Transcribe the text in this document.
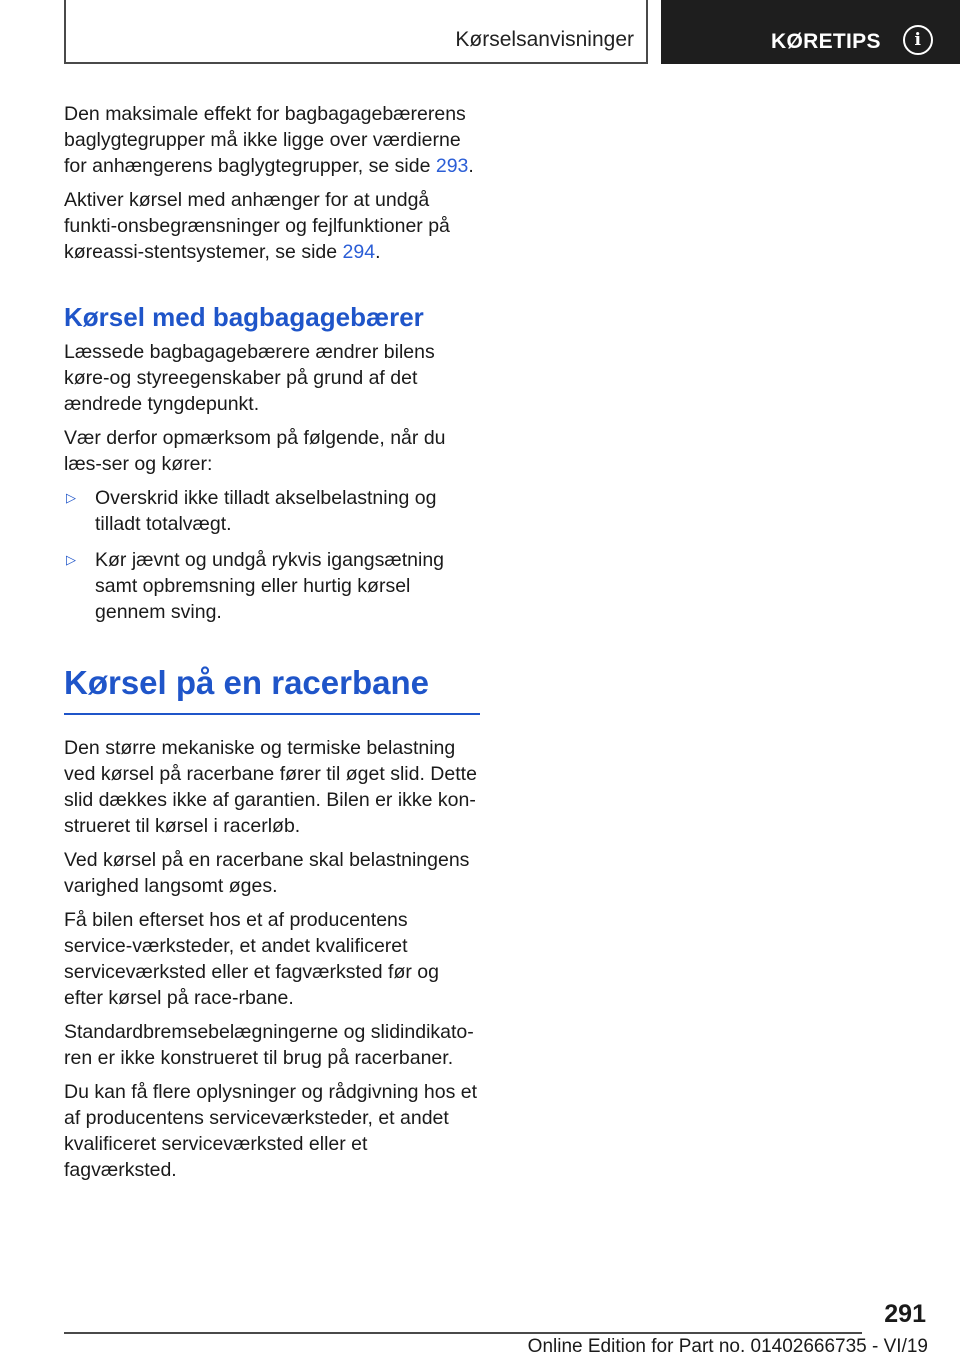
Kørselsanvisninger	KØRETIPS	i

Den maksimale effekt for bagbagagebærerens baglygtegrupper må ikke ligge over værdierne for anhængerens baglygtegrupper, se side 293.

Aktiver kørsel med anhænger for at undgå funkti‐onsbegrænsninger og fejlfunktioner på køreassi‐stentsystemer, se side 294.

Kørsel med bagbagagebærer

Læssede bagbagagebærere ændrer bilens køre‐og styreegenskaber på grund af det ændrede tyngdepunkt.

Vær derfor opmærksom på følgende, når du læs‐ser og kører:

▷ Overskrid ikke tilladt akselbelastning og tilladt totalvægt.
▷ Kør jævnt og undgå rykvis igangsætning samt opbremsning eller hurtig kørsel gennem sving.
Kørsel på en racerbane

Den større mekaniske og termiske belastning ved kørsel på racerbane fører til øget slid. Dette slid dækkes ikke af garantien. Bilen er ikke kon‐strueret til kørsel i racerløb.

Ved kørsel på en racerbane skal belastningens varighed langsomt øges.

Få bilen efterset hos et af producentens service‐værksteder, et andet kvalificeret serviceværksted eller et fagværksted før og efter kørsel på race‐rbane.

Standardbremsebelægningerne og slidindikato‐ren er ikke konstrueret til brug på racerbaner.

Du kan få flere oplysninger og rådgivning hos et af producentens serviceværksteder, et andet kvalificeret serviceværksted eller et fagværksted.

291
Online Edition for Part no. 01402666735 - VI/19
